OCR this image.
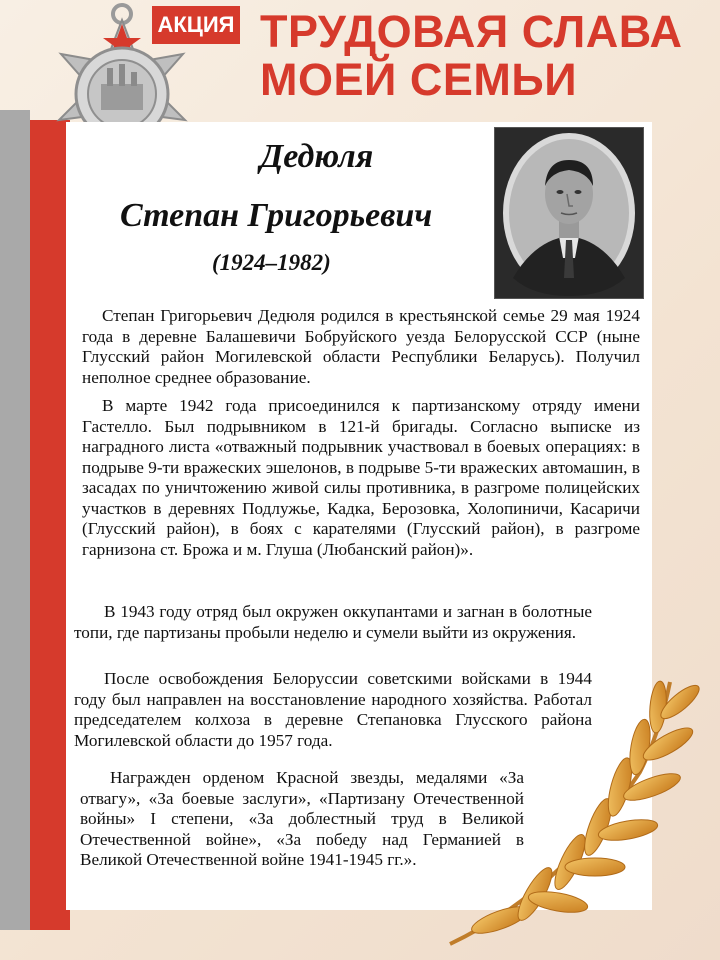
АКЦИЯ ТРУДОВАЯ СЛАВА
МОЕЙ СЕМЬИ
Дедюля
Степан Григорьевич
(1924–1982)

Степан Григорьевич Дедюля родился в крестьянской семье 29 мая 1924 года в деревне Балашевичи Бобруйского уезда Белорусской ССР (ныне Глусский район Могилевской области Республики Беларусь). Получил неполное среднее образование.

В марте 1942 года присоединился к партизанскому отряду имени Гастелло. Был подрывником в 121-й бригады. Согласно выписке из наградного листа «отважный подрывник участвовал в боевых операциях: в подрыве 9-ти вражеских эшелонов, в подрыве 5-ти вражеских автомашин, в засадах по уничтожению живой силы противника, в разгроме полицейских участков в деревнях Подлужье, Кадка, Берозовка, Холопиничи, Касаричи (Глусский район), в боях с карателями (Глусский район), в разгроме гарнизона ст. Брожа и м. Глуша (Любанский район)».

В 1943 году отряд был окружен оккупантами и загнан в болотные топи, где партизаны пробыли неделю и сумели выйти из окружения.

После освобождения Белоруссии советскими войсками в 1944 году был направлен на восстановление народного хозяйства. Работал председателем колхоза в деревне Степановка Глусского района Могилевской области до 1957 года.

Награжден орденом Красной звезды, медалями «За отвагу», «За боевые заслуги», «Партизану Отечественной войны» I степени, «За доблестный труд в Великой Отечественной войне», «За победу над Германией в Великой Отечественной войне 1941-1945 гг.».
